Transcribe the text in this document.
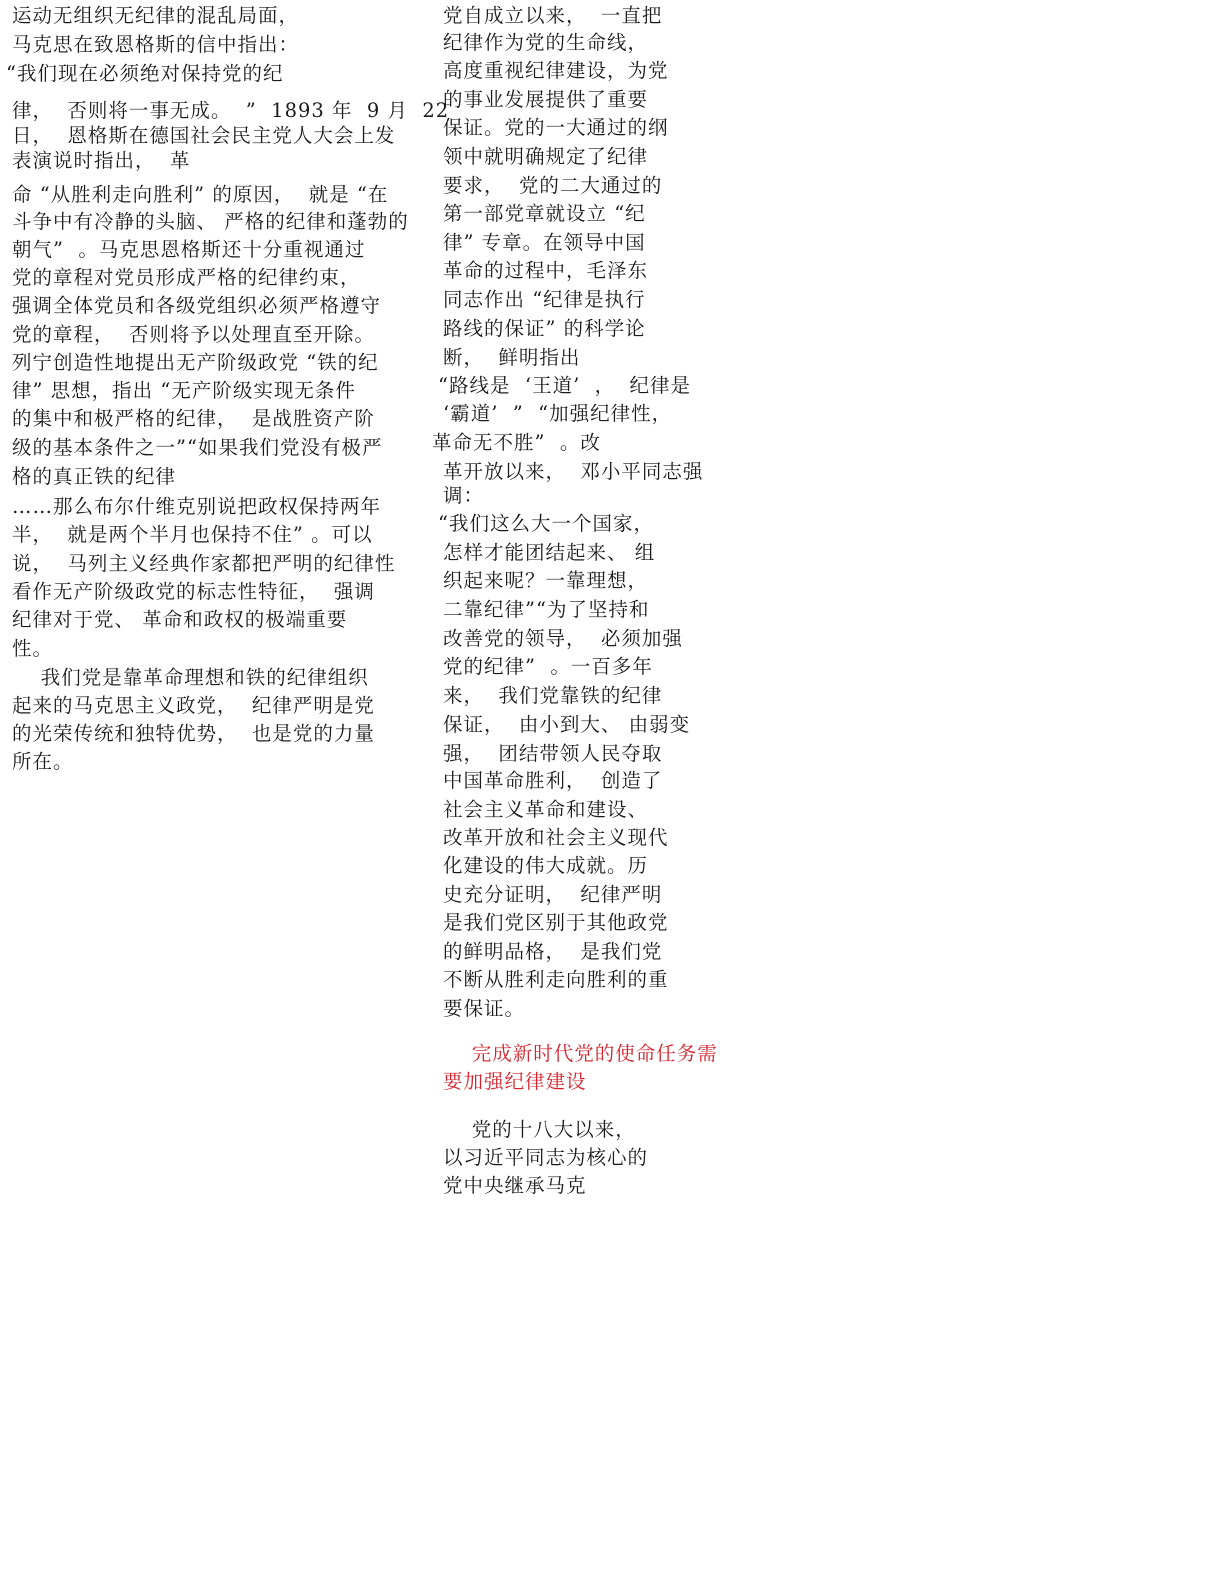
运动无组织无纪律的混乱局面，
马克思在致恩格斯的信中指出：
“我们现在必须绝对保持党的纪
律，  否则将一事无成。  ”  1893 年  9 月  22
日，  恩格斯在德国社会民主党人大会上发
表演说时指出，  革
命 “从胜利走向胜利” 的原因，  就是 “在
斗争中有冷静的头脑、 严格的纪律和蓬勃的
朝气”  。马克思恩格斯还十分重视通过
党的章程对党员形成严格的纪律约束，
强调全体党员和各级党组织必须严格遵守
党的章程，  否则将予以处理直至开除。
列宁创造性地提出无产阶级政党 “铁的纪
律” 思想，指出 “无产阶级实现无条件
的集中和极严格的纪律，  是战胜资产阶
级的基本条件之一”“如果我们党没有极严
格的真正铁的纪律
……那么布尔什维克别说把政权保持两年
半，  就是两个半月也保持不住” 。可以
说，  马列主义经典作家都把严明的纪律性
看作无产阶级政党的标志性特征，  强调
纪律对于党、 革命和政权的极端重要
性。
我们党是靠革命理想和铁的纪律组织
起来的马克思主义政党，  纪律严明是党
的光荣传统和独特优势，  也是党的力量
所在。
党自成立以来，  一直把
纪律作为党的生命线，
高度重视纪律建设，为党
的事业发展提供了重要
保证。党的一大通过的纲
领中就明确规定了纪律
要求，  党的二大通过的
第一部党章就设立 “纪
律” 专章。在领导中国
革命的过程中，毛泽东
同志作出 “纪律是执行
路线的保证” 的科学论
断，  鲜明指出
“路线是  ‘王道’  ，  纪律是
‘霸道’  ”  “加强纪律性，
革命无不胜”  。改
革开放以来，  邓小平同志强
调：
“我们这么大一个国家，
怎样才能团结起来、 组
织起来呢？一靠理想，
二靠纪律”“为了坚持和
改善党的领导，  必须加强
党的纪律”  。一百多年
来，  我们党靠铁的纪律
保证，  由小到大、 由弱变
强，  团结带领人民夺取
中国革命胜利，  创造了
社会主义革命和建设、
改革开放和社会主义现代
化建设的伟大成就。历
史充分证明，  纪律严明
是我们党区别于其他政党
的鲜明品格，  是我们党
不断从胜利走向胜利的重
要保证。
完成新时代党的使命任务需
要加强纪律建设
党的十八大以来，
以习近平同志为核心的
党中央继承马克
